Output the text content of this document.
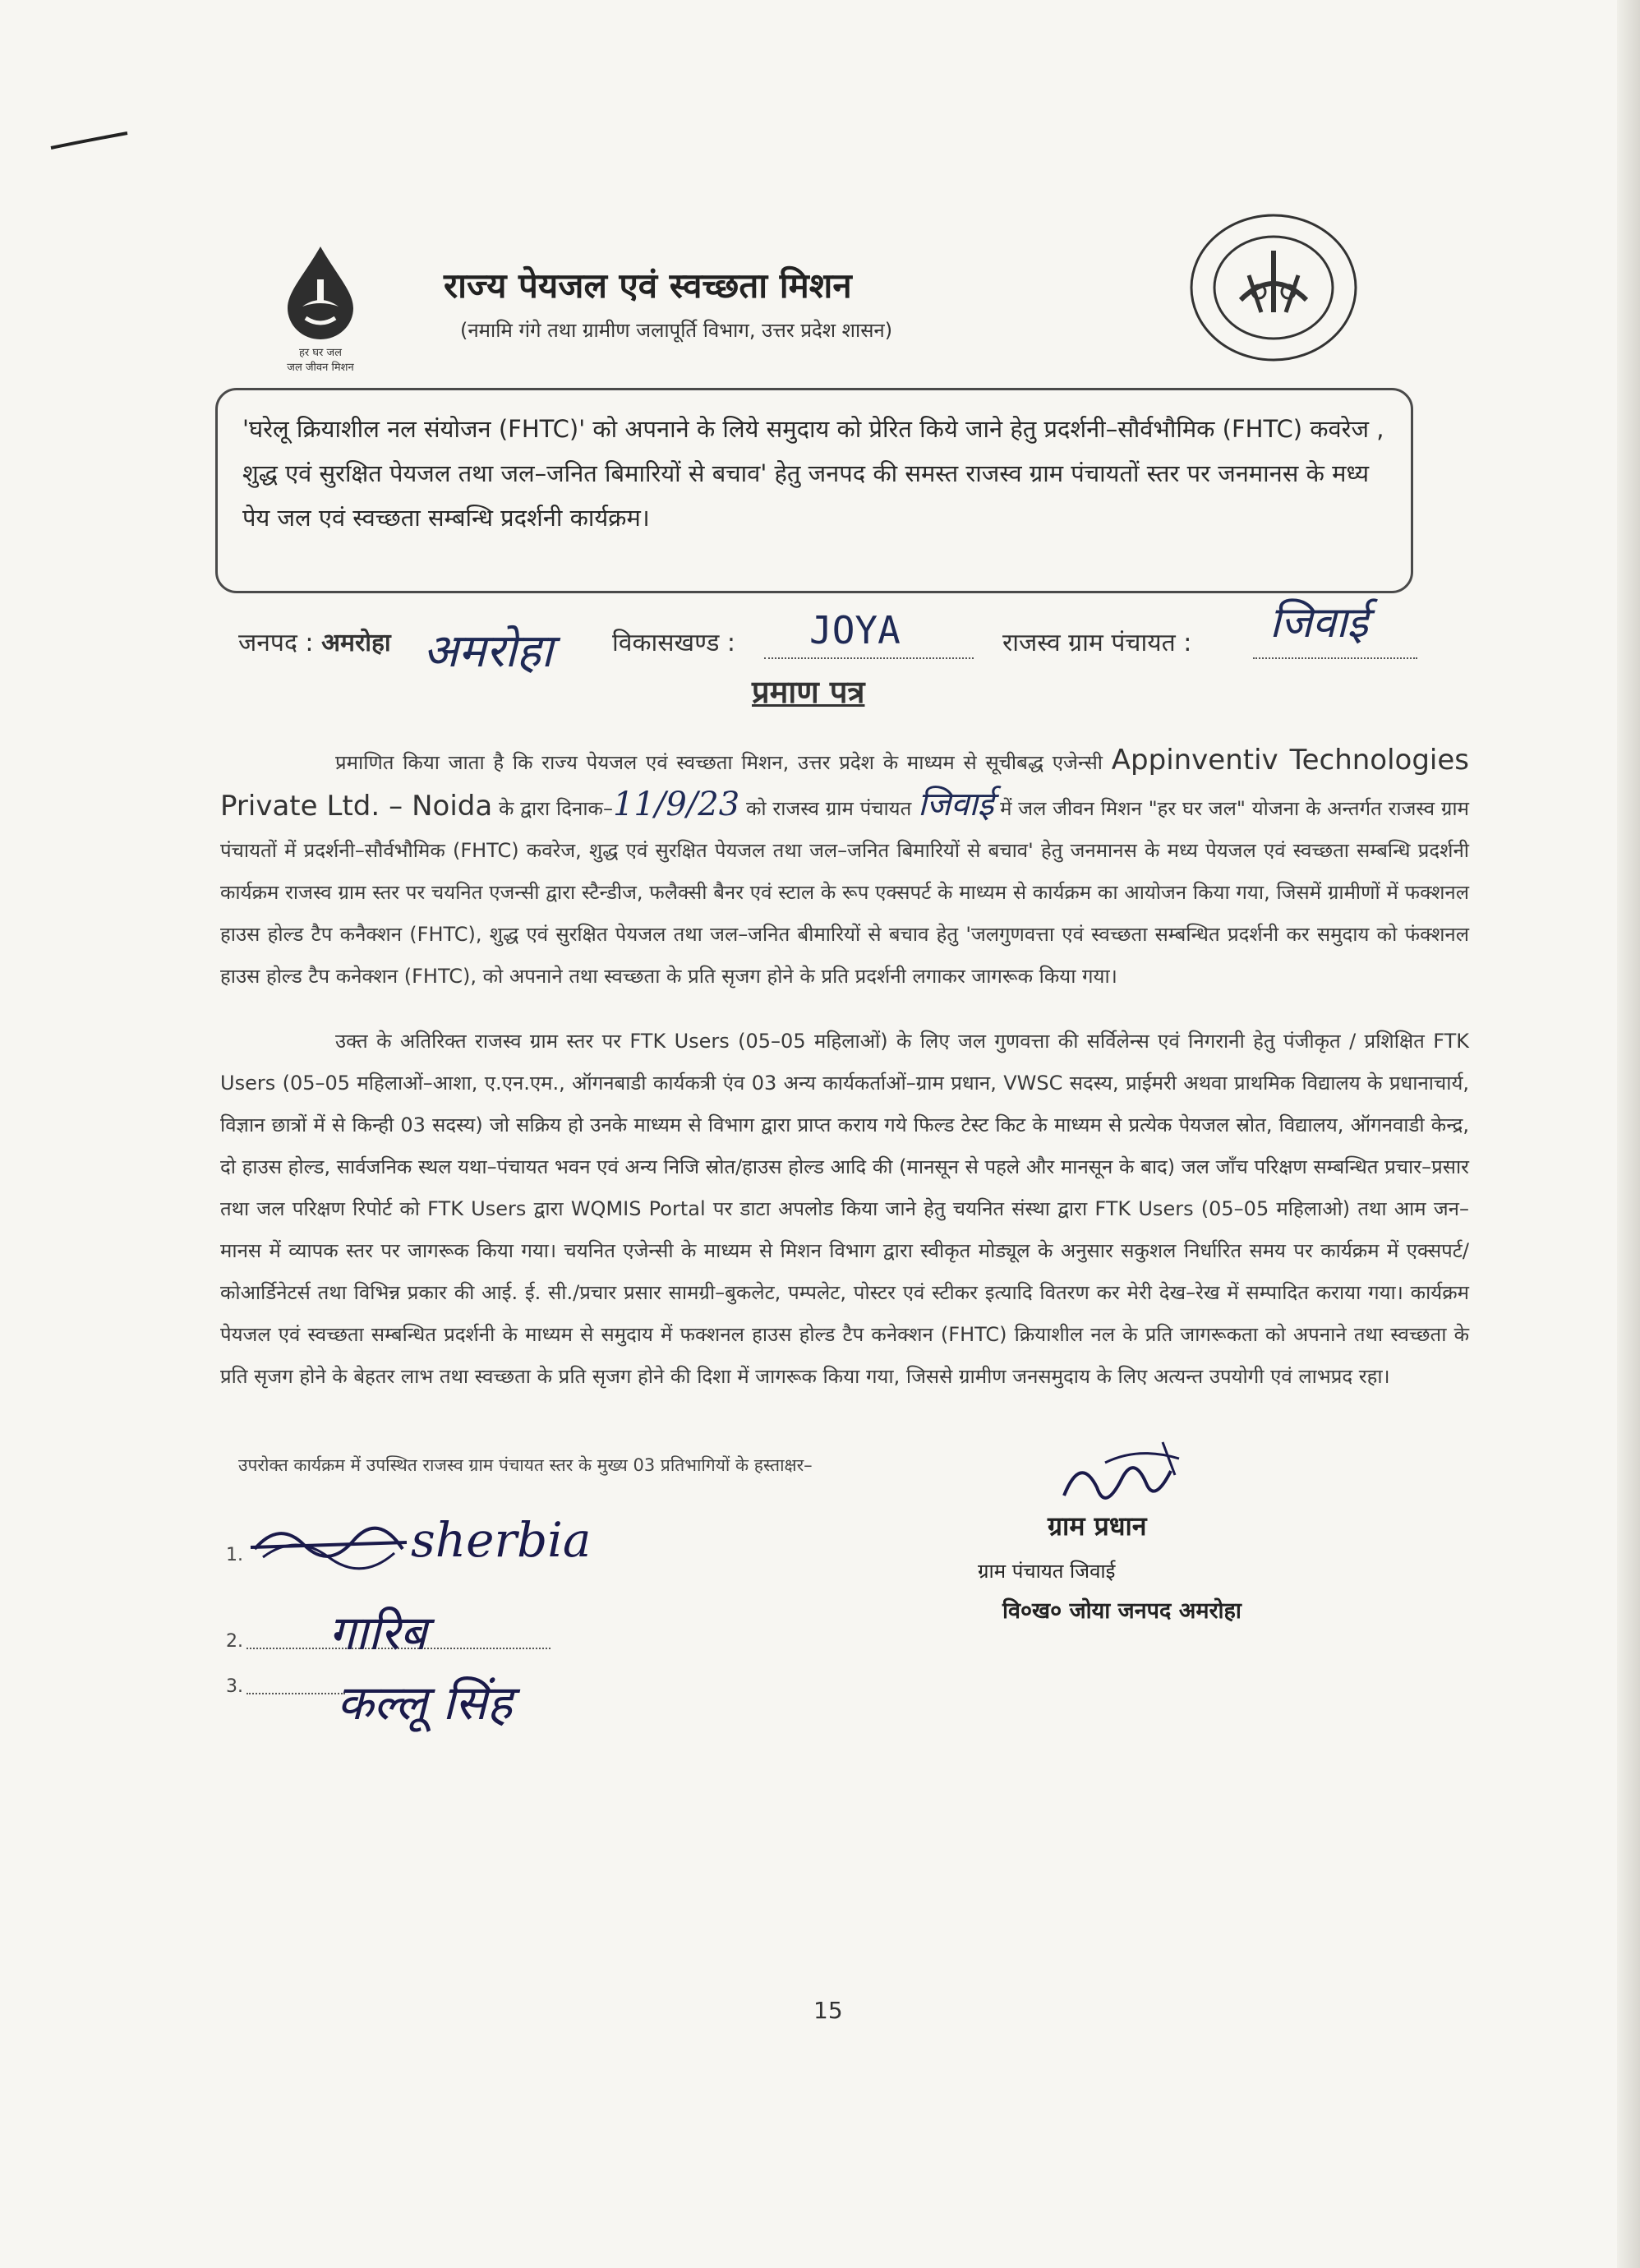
हर घर जल
जल जीवन मिशन
राज्य पेयजल एवं स्वच्छता मिशन
(नमामि गंगे तथा ग्रामीण जलापूर्ति विभाग, उत्तर प्रदेश शासन)
'घरेलू क्रियाशील नल संयोजन (FHTC)' को अपनाने के लिये समुदाय को प्रेरित किये जाने हेतु प्रदर्शनी–सौर्वभौमिक (FHTC) कवरेज , शुद्ध एवं सुरक्षित पेयजल तथा जल–जनित बिमारियों से बचाव' हेतु जनपद की समस्त राजस्व ग्राम पंचायतों स्तर पर जनमानस के मध्य पेय जल एवं स्वच्छता सम्बन्धि प्रदर्शनी कार्यक्रम।
जनपद : अमरोहा अमरोहा विकासखण्ड : JOYA	राजस्व ग्राम पंचायत : जिवाई
प्रमाण पत्र
प्रमाणित किया जाता है कि राज्य पेयजल एवं स्वच्छता मिशन, उत्तर प्रदेश के माध्यम से सूचीबद्ध एजेन्सी Appinventiv Technologies Private Ltd. – Noida के द्वारा दिनाक–11/9/23 को राजस्व ग्राम पंचायत जिवाई में जल जीवन मिशन "हर घर जल" योजना के अन्तर्गत राजस्व ग्राम पंचायतों में प्रदर्शनी–सौर्वभौमिक (FHTC) कवरेज, शुद्ध एवं सुरक्षित पेयजल तथा जल–जनित बिमारियों से बचाव' हेतु जनमानस के मध्य पेयजल एवं स्वच्छता सम्बन्धि प्रदर्शनी कार्यक्रम राजस्व ग्राम स्तर पर चयनित एजन्सी द्वारा स्टैन्डीज, फलैक्सी बैनर एवं स्टाल के रूप एक्सपर्ट के माध्यम से कार्यक्रम का आयोजन किया गया, जिसमें ग्रामीणों में फक्शनल हाउस होल्ड टैप कनैक्शन (FHTC), शुद्ध एवं सुरक्षित पेयजल तथा जल–जनित बीमारियों से बचाव हेतु 'जलगुणवत्ता एवं स्वच्छता सम्बन्धित प्रदर्शनी कर समुदाय को फंक्शनल हाउस होल्ड टैप कनेक्शन (FHTC), को अपनाने तथा स्वच्छता के प्रति सृजग होने के प्रति प्रदर्शनी लगाकर जागरूक किया गया।
उक्त के अतिरिक्त राजस्व ग्राम स्तर पर FTK Users (05–05 महिलाओं) के लिए जल गुणवत्ता की सर्विलेन्स एवं निगरानी हेतु पंजीकृत / प्रशिक्षित FTK Users (05–05 महिलाओं–आशा, ए.एन.एम., ऑगनबाडी कार्यकत्री एंव 03 अन्य कार्यकर्ताओं–ग्राम प्रधान, VWSC सदस्य, प्राईमरी अथवा प्राथमिक विद्यालय के प्रधानाचार्य, विज्ञान छात्रों में से किन्ही 03 सदस्य) जो सक्रिय हो उनके माध्यम से विभाग द्वारा प्राप्त कराय गये फिल्ड टेस्ट किट के माध्यम से प्रत्येक पेयजल स्रोत, विद्यालय, ऑगनवाडी केन्द्र, दो हाउस होल्ड, सार्वजनिक स्थल यथा–पंचायत भवन एवं अन्य निजि स्रोत/हाउस होल्ड आदि की (मानसून से पहले और मानसून के बाद) जल जाँच परिक्षण सम्बन्धित प्रचार–प्रसार तथा जल परिक्षण रिपोर्ट को FTK Users द्वारा WQMIS Portal पर डाटा अपलोड किया जाने हेतु चयनित संस्था द्वारा FTK Users (05–05 महिलाओ) तथा आम जन–मानस में व्यापक स्तर पर जागरूक किया गया। चयनित एजेन्सी के माध्यम से मिशन विभाग द्वारा स्वीकृत मोड्यूल के अनुसार सकुशल निर्धारित समय पर कार्यक्रम में एक्सपर्ट/कोआर्डिनेटर्स तथा विभिन्न प्रकार की आई. ई. सी./प्रचार प्रसार सामग्री–बुकलेट, पम्पलेट, पोस्टर एवं स्टीकर इत्यादि वितरण कर मेरी देख–रेख में सम्पादित कराया गया। कार्यक्रम पेयजल एवं स्वच्छता सम्बन्धित प्रदर्शनी के माध्यम से समुदाय में फक्शनल हाउस होल्ड टैप कनेक्शन (FHTC) क्रियाशील नल के प्रति जागरूकता को अपनाने तथा स्वच्छता के प्रति सृजग होने के बेहतर लाभ तथा स्वच्छता के प्रति सृजग होने की दिशा में जागरूक किया गया, जिससे ग्रामीण जनसमुदाय के लिए अत्यन्त उपयोगी एवं लाभप्रद रहा।
उपरोक्त कार्यक्रम में उपस्थित राजस्व ग्राम पंचायत स्तर के मुख्य 03 प्रतिभागियों के हस्ताक्षर–
1.	sherbia
2. गारिब
3. कल्लू सिंह
ग्राम प्रधान
ग्राम पंचायत जिवाई
वि०ख० जोया जनपद अमरोहा
15
